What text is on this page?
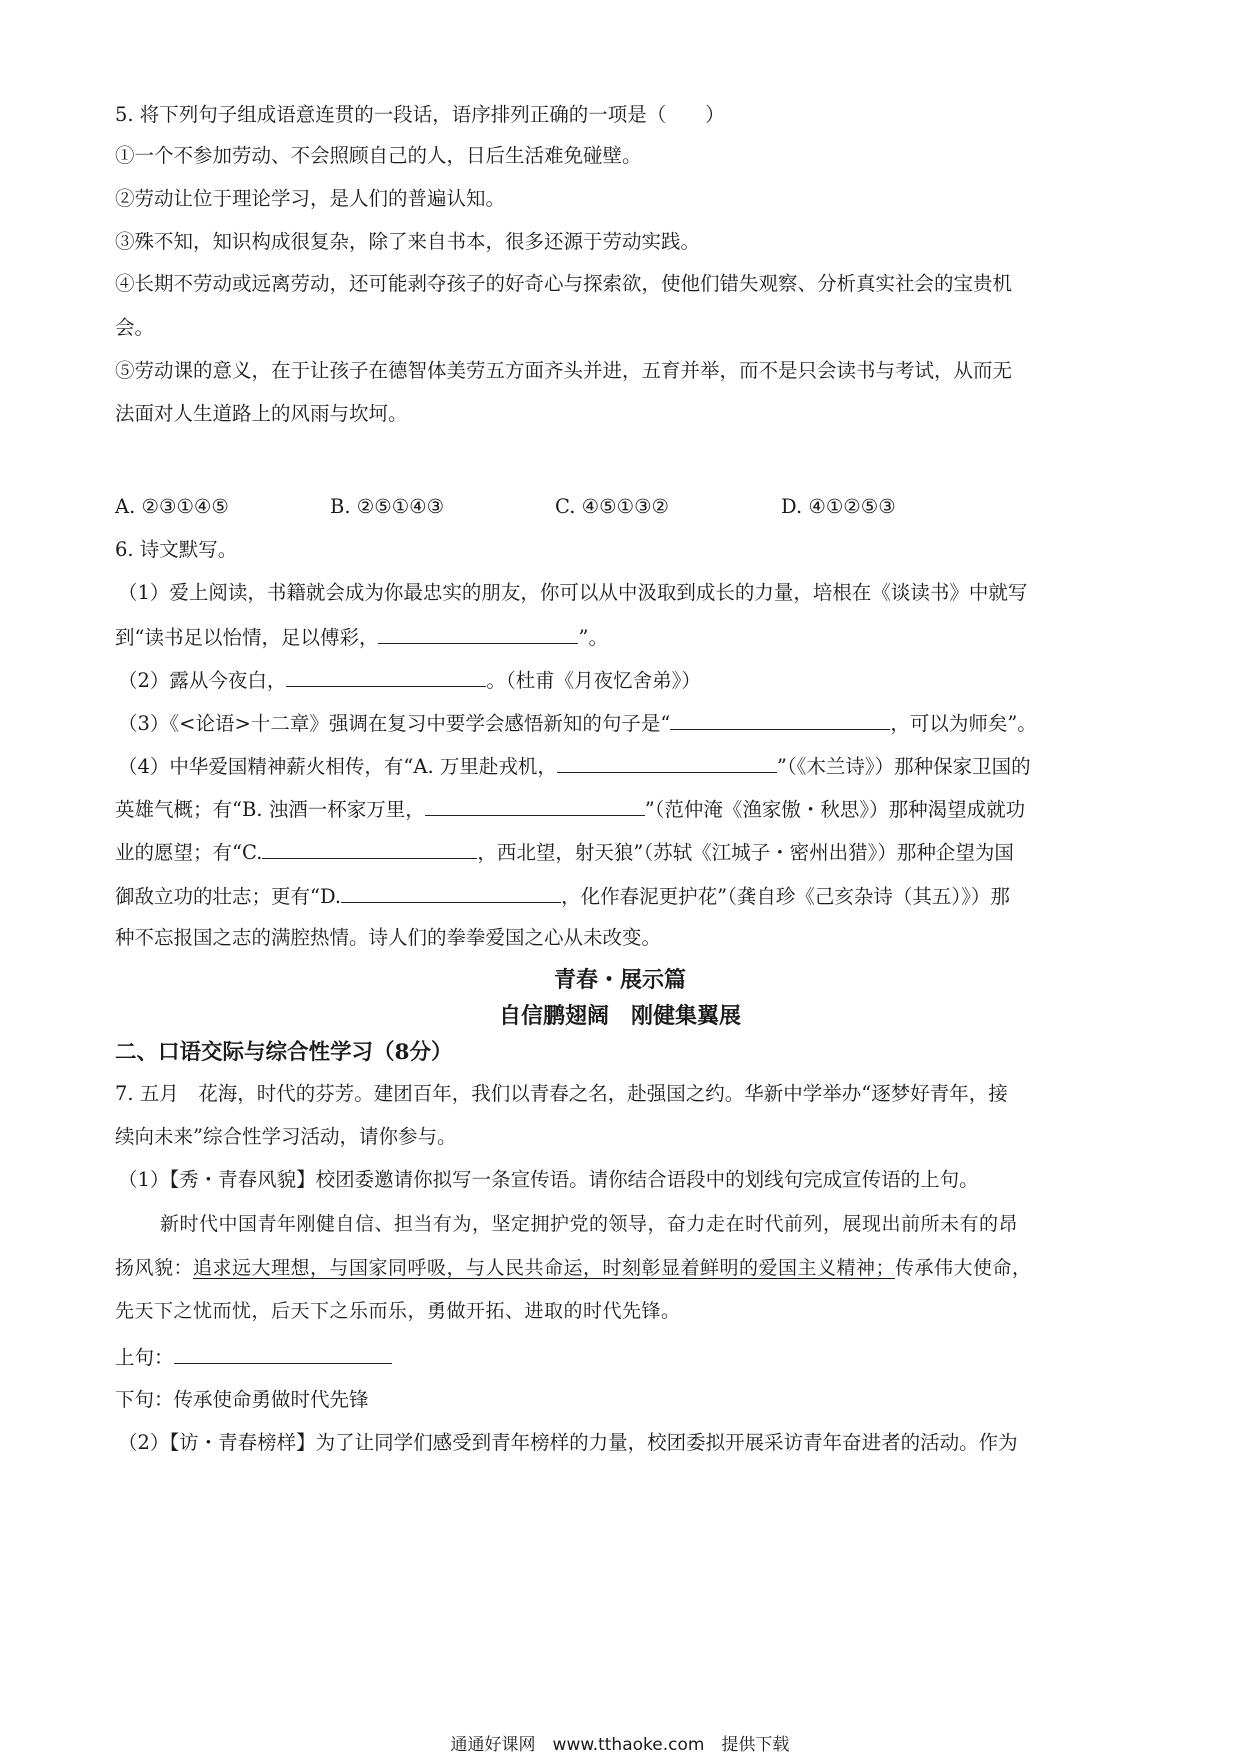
5. 将下列句子组成语意连贯的一段话，语序排列正确的一项是（　　）
①一个不参加劳动、不会照顾自己的人，日后生活难免碰壁。
②劳动让位于理论学习，是人们的普遍认知。
③殊不知，知识构成很复杂，除了来自书本，很多还源于劳动实践。
④长期不劳动或远离劳动，还可能剥夺孩子的好奇心与探索欲，使他们错失观察、分析真实社会的宝贵机
会。
⑤劳动课的意义，在于让孩子在德智体美劳五方面齐头并进，五育并举，而不是只会读书与考试，从而无
法面对人生道路上的风雨与坎坷。
A. ②③①④⑤	B. ②⑤①④③	C. ④⑤①③②	D. ④①②⑤③
6. 诗文默写。
（1）爱上阅读，书籍就会成为你最忠实的朋友，你可以从中汲取到成长的力量，培根在《谈读书》中就写
到“读书足以怡情，足以傅彩，	”。
（2）露从今夜白，	。（杜甫《月夜忆舍弟》）
（3）《<论语>十二章》强调在复习中要学会感悟新知的句子是“	，可以为师矣”。
（4）中华爱国精神薪火相传，有“A. 万里赴戎机，	”（《木兰诗》）那种保家卫国的
英雄气概；有“B. 浊酒一杯家万里，	”（范仲淹《渔家傲・秋思》）那种渴望成就功
业的愿望；有“C.	，西北望，射天狼”（苏轼《江城子・密州出猎》）那种企望为国
御敌立功的壮志；更有“D.	，化作春泥更护花”（龚自珍《己亥杂诗（其五）》）那
种不忘报国之志的满腔热情。诗人们的拳拳爱国之心从未改变。
青春・展示篇
自信鹏翅阔　刚健集翼展
二、口语交际与综合性学习（8分）
7. 五月　花海，时代的芬芳。建团百年，我们以青春之名，赴强国之约。华新中学举办“逐梦好青年，接
续向未来”综合性学习活动，请你参与。
（1）【秀・青春风貌】校团委邀请你拟写一条宣传语。请你结合语段中的划线句完成宣传语的上句。
新时代中国青年刚健自信、担当有为，坚定拥护党的领导，奋力走在时代前列，展现出前所未有的昂
扬风貌：追求远大理想，与国家同呼吸，与人民共命运，时刻彰显着鲜明的爱国主义精神；传承伟大使命，
先天下之忧而忧，后天下之乐而乐，勇做开拓、进取的时代先锋。
上句：
下句：传承使命勇做时代先锋
（2）【访・青春榜样】为了让同学们感受到青年榜样的力量，校团委拟开展采访青年奋进者的活动。作为
通通好课网　www.tthaoke.com　提供下载
